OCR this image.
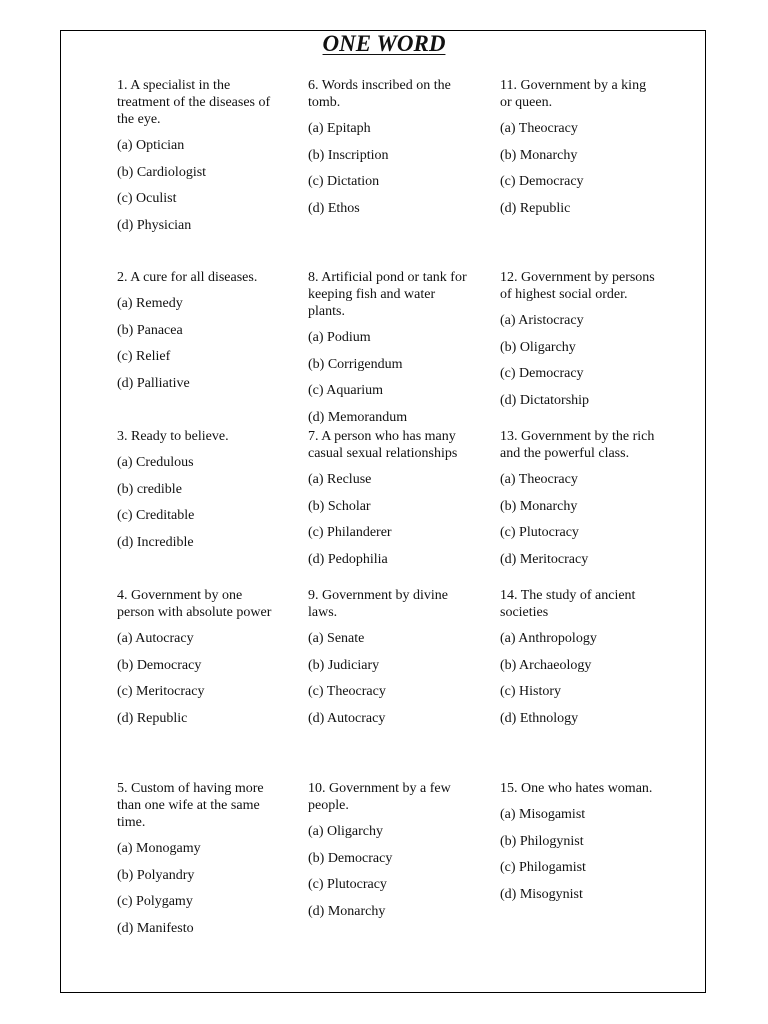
ONE WORD
1. A specialist in the treatment of the diseases of the eye.
(a) Optician
(b) Cardiologist
(c) Oculist
(d) Physician
2. A cure for all diseases.
(a) Remedy
(b) Panacea
(c) Relief
(d) Palliative
3. Ready to believe.
(a) Credulous
(b) credible
(c) Creditable
(d) Incredible
4. Government by one person with absolute power
(a) Autocracy
(b) Democracy
(c) Meritocracy
(d) Republic
5. Custom of having more than one wife at the same time.
(a) Monogamy
(b) Polyandry
(c) Polygamy
(d) Manifesto
6. Words inscribed on the tomb.
(a) Epitaph
(b) Inscription
(c) Dictation
(d) Ethos
8. Artificial pond or tank for keeping fish and water plants.
(a) Podium
(b) Corrigendum
(c) Aquarium
(d) Memorandum
7. A person who has many casual sexual relationships
(a) Recluse
(b) Scholar
(c) Philanderer
(d) Pedophilia
9. Government by divine laws.
(a) Senate
(b) Judiciary
(c) Theocracy
(d) Autocracy
10. Government by a few people.
(a) Oligarchy
(b) Democracy
(c) Plutocracy
(d) Monarchy
11. Government by a king or queen.
(a) Theocracy
(b) Monarchy
(c) Democracy
(d) Republic
12. Government by persons of highest social order.
(a) Aristocracy
(b) Oligarchy
(c) Democracy
(d) Dictatorship
13. Government by the rich and the powerful class.
(a) Theocracy
(b) Monarchy
(c) Plutocracy
(d) Meritocracy
14. The study of ancient societies
(a) Anthropology
(b) Archaeology
(c) History
(d) Ethnology
15. One who hates woman.
(a) Misogamist
(b) Philogynist
(c) Philogamist
(d) Misogynist
